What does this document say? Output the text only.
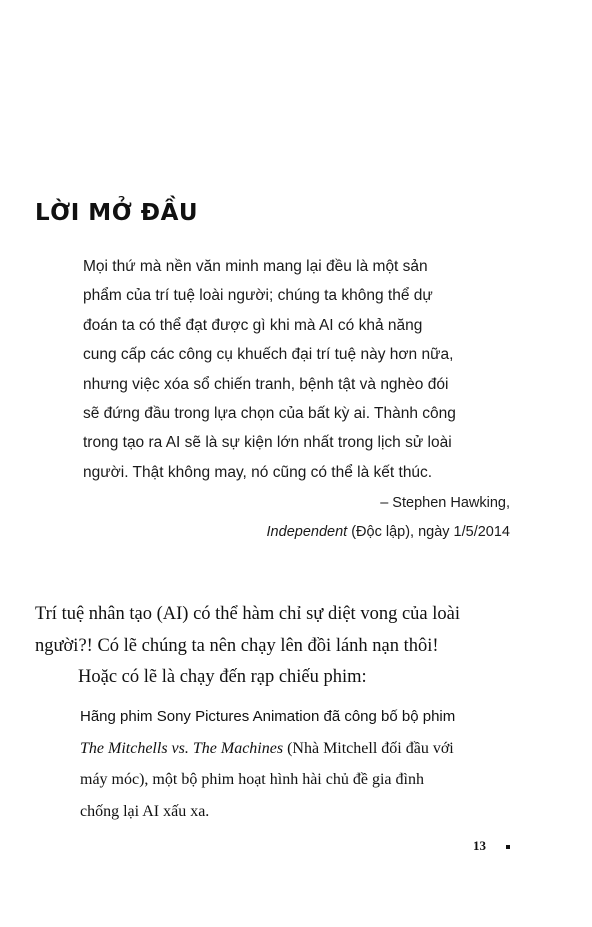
LỜI MỞ ĐẦU
Mọi thứ mà nền văn minh mang lại đều là một sản
phẩm của trí tuệ loài người; chúng ta không thể dự
đoán ta có thể đạt được gì khi mà AI có khả năng
cung cấp các công cụ khuếch đại trí tuệ này hơn nữa,
nhưng việc xóa sổ chiến tranh, bệnh tật và nghèo đói
sẽ đứng đầu trong lựa chọn của bất kỳ ai. Thành công
trong tạo ra AI sẽ là sự kiện lớn nhất trong lịch sử loài
người. Thật không may, nó cũng có thể là kết thúc.
– Stephen Hawking,
Independent (Độc lập), ngày 1/5/2014
Trí tuệ nhân tạo (AI) có thể hàm chỉ sự diệt vong của loài
người?! Có lẽ chúng ta nên chạy lên đồi lánh nạn thôi!
Hoặc có lẽ là chạy đến rạp chiếu phim:
Hãng phim Sony Pictures Animation đã công bố bộ phim
The Mitchells vs. The Machines (Nhà Mitchell đối đầu với
máy móc), một bộ phim hoạt hình hài chủ đề gia đình
chống lại AI xấu xa.
13
